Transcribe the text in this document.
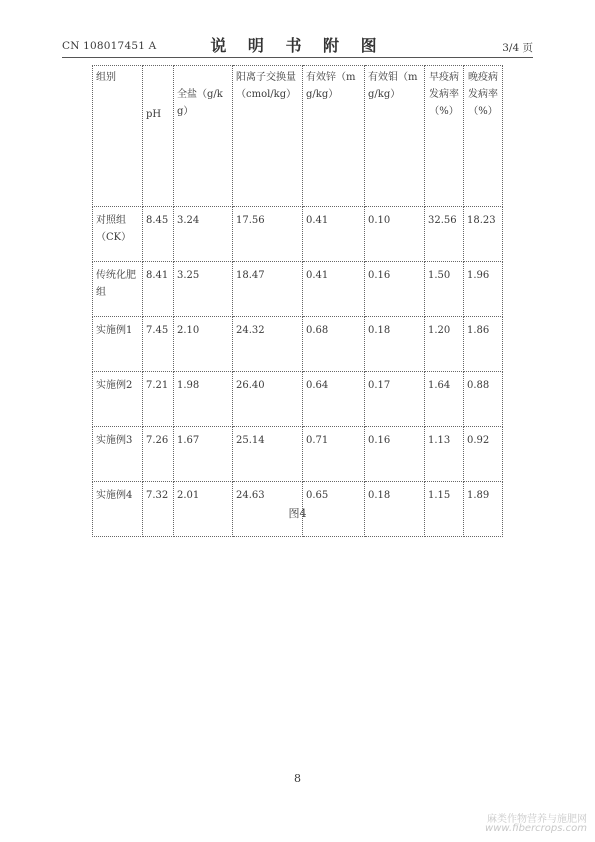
CN 108017451 A	说 明 书 附 图	3/4 页
组别	pH	全盐（g/kg）	阳离子交换量（cmol/kg）	有效锌（mg/kg）	有效钼（mg/kg）	早疫病发病率（%）	晚疫病发病率（%）
对照组（CK）	8.45	3.24	17.56	0.41	0.10	32.56	18.23
传统化肥组	8.41	3.25	18.47	0.41	0.16	1.50	1.96
实施例1	7.45	2.10	24.32	0.68	0.18	1.20	1.86
实施例2	7.21	1.98	26.40	0.64	0.17	1.64	0.88
实施例3	7.26	1.67	25.14	0.71	0.16	1.13	0.92
实施例4	7.32	2.01	24.63	0.65	0.18	1.15	1.89
图4
8
麻类作物营养与施肥网
www.fibercrops.com
